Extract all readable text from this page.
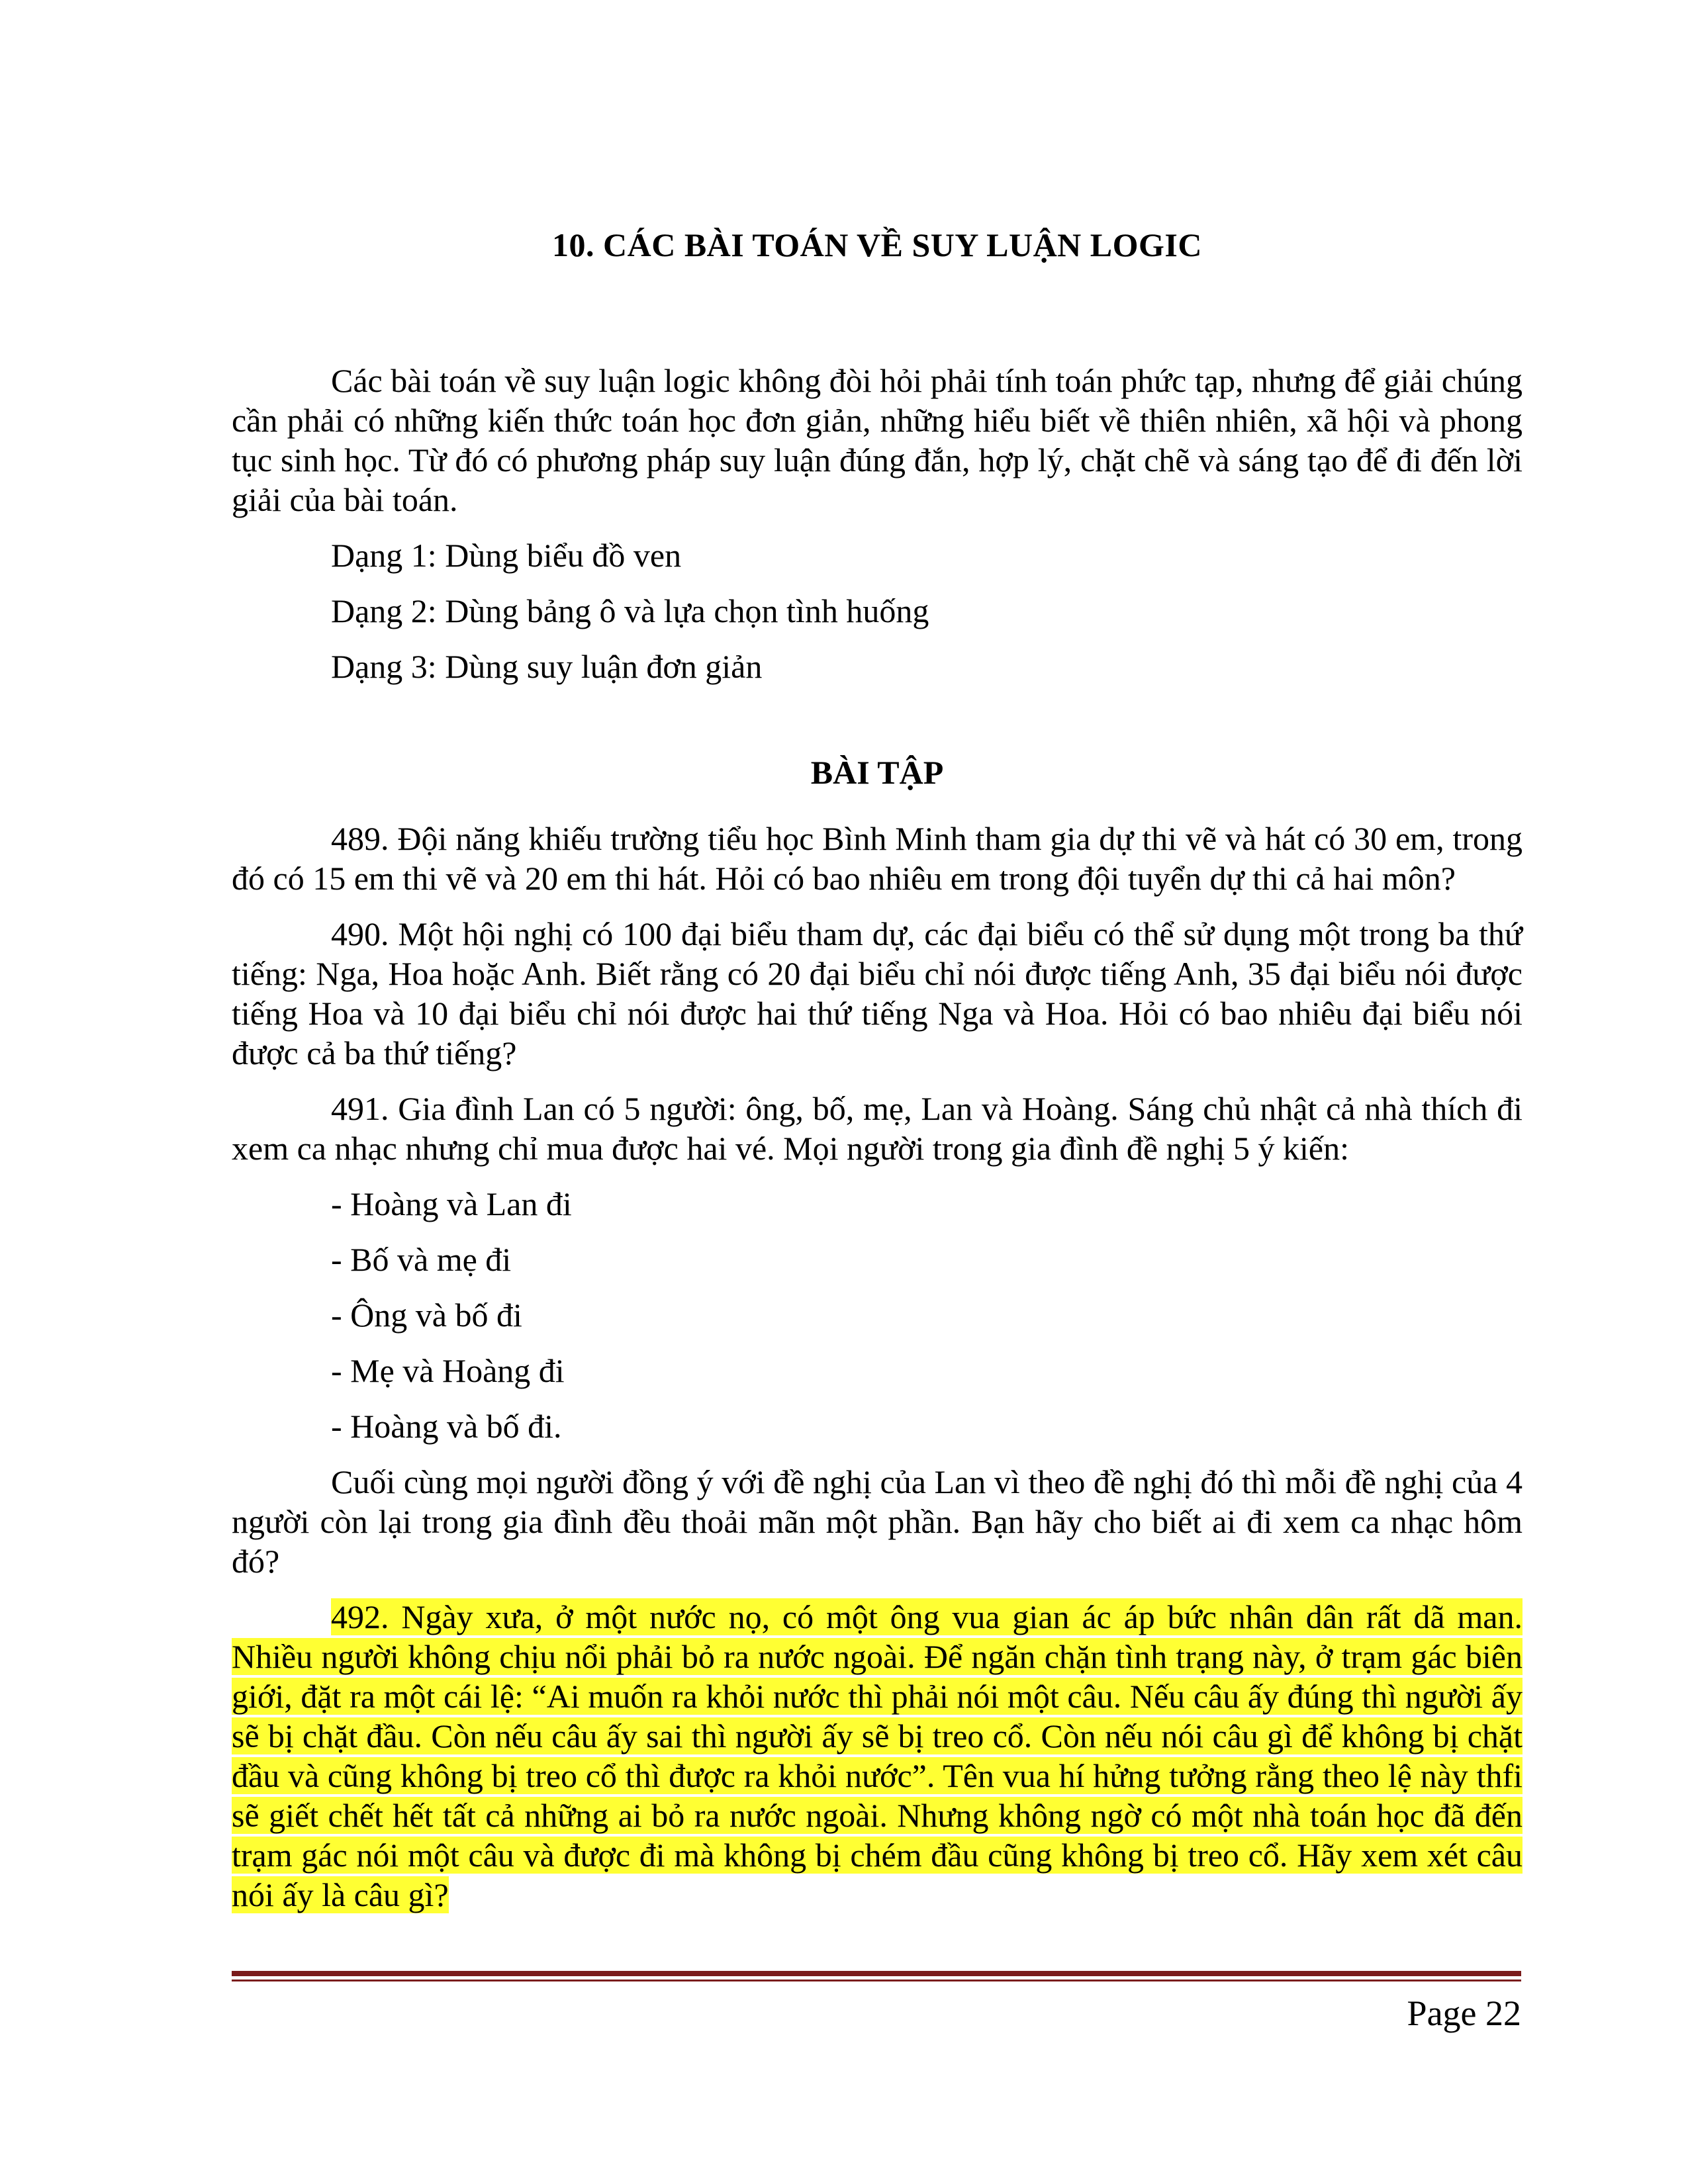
10. CÁC BÀI TOÁN VỀ SUY LUẬN LOGIC

Các bài toán về suy luận logic không đòi hỏi phải tính toán phức tạp, nhưng để giải chúng cần phải có những kiến thức toán học đơn giản, những hiểu biết về thiên nhiên, xã hội và phong tục sinh học. Từ đó có phương pháp suy luận đúng đắn, hợp lý, chặt chẽ và sáng tạo để đi đến lời giải của bài toán.

Dạng 1: Dùng biểu đồ ven
Dạng 2: Dùng bảng ô và lựa chọn tình huống
Dạng 3: Dùng suy luận đơn giản
BÀI TẬP

489. Đội năng khiếu trường tiểu học Bình Minh tham gia dự thi vẽ và hát có 30 em, trong đó có 15 em thi vẽ và 20 em thi hát. Hỏi có bao nhiêu em trong đội tuyển dự thi cả hai môn?

490. Một hội nghị có 100 đại biểu tham dự, các đại biểu có thể sử dụng một trong ba thứ tiếng: Nga, Hoa hoặc Anh. Biết rằng có 20 đại biểu chỉ nói được tiếng Anh, 35 đại biểu nói được tiếng Hoa và 10 đại biểu chỉ nói được hai thứ tiếng Nga và Hoa. Hỏi có bao nhiêu đại biểu nói được cả ba thứ tiếng?

491. Gia đình Lan có 5 người: ông, bố, mẹ, Lan và Hoàng. Sáng chủ nhật cả nhà thích đi xem ca nhạc nhưng chỉ mua được hai vé. Mọi người trong gia đình đề nghị 5 ý kiến:

- Hoàng và Lan đi
- Bố và mẹ đi
- Ông và bố đi
- Mẹ và Hoàng đi
- Hoàng và bố đi.

Cuối cùng mọi người đồng ý với đề nghị của Lan vì theo đề nghị đó thì mỗi đề nghị của 4 người còn lại trong gia đình đều thoải mãn một phần. Bạn hãy cho biết ai đi xem ca nhạc hôm đó?

492. Ngày xưa, ở một nước nọ, có một ông vua gian ác áp bức nhân dân rất dã man. Nhiều người không chịu nổi phải bỏ ra nước ngoài. Để ngăn chặn tình trạng này, ở trạm gác biên giới, đặt ra một cái lệ: “Ai muốn ra khỏi nước thì phải nói một câu. Nếu câu ấy đúng thì người ấy sẽ bị chặt đầu. Còn nếu câu ấy sai thì người ấy sẽ bị treo cổ. Còn nếu nói câu gì để không bị chặt đầu và cũng không bị treo cổ thì được ra khỏi nước”. Tên vua hí hửng tưởng rằng theo lệ này thfi sẽ giết chết hết tất cả những ai bỏ ra nước ngoài. Nhưng không ngờ có một nhà toán học đã đến trạm gác nói một câu và được đi mà không bị chém đầu cũng không bị treo cổ. Hãy xem xét câu nói ấy là câu gì?

Page 22
